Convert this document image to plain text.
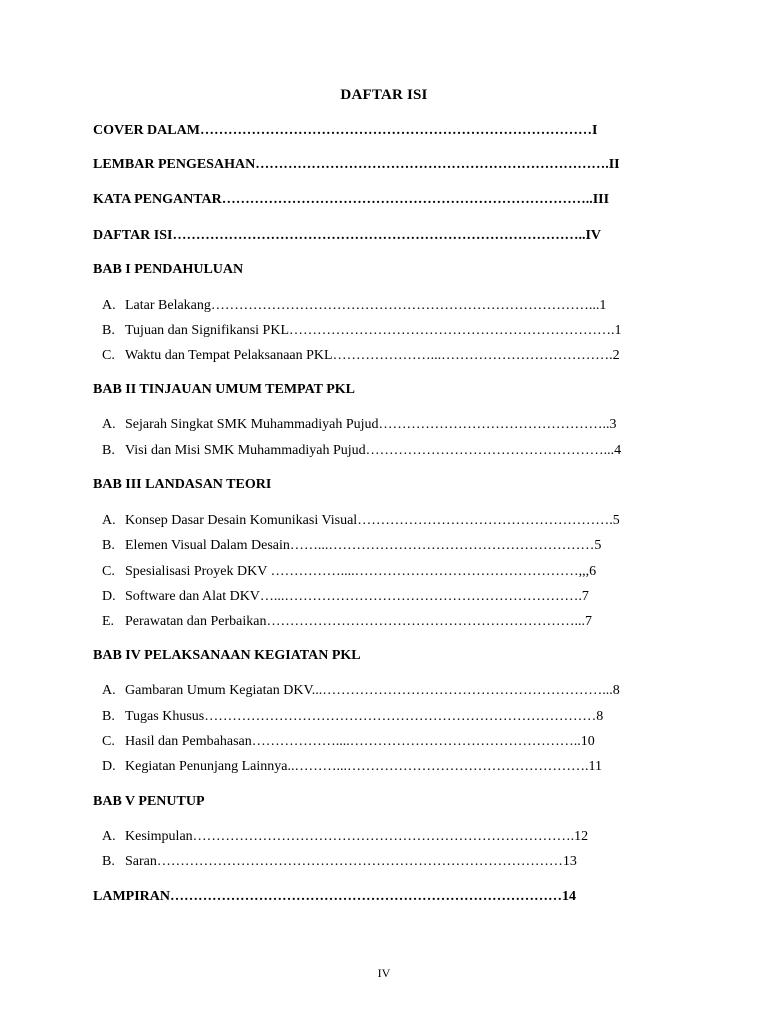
DAFTAR ISI
COVER DALAM…………………………………………………………………………I
LEMBAR PENGESAHAN………………………………………………………………….II
KATA PENGANTAR……………………………………………………………………..III
DAFTAR ISI……………………………………………………………………………..IV
BAB I PENDAHULUAN
A. Latar Belakang………………………………………………………………………...1
B. Tujuan dan Signifikansi PKL…………………………………………………………….1
C. Waktu dan Tempat Pelaksanaan PKL…………………...……………………………….2
BAB II TINJAUAN UMUM TEMPAT PKL
A. Sejarah Singkat SMK Muhammadiyah Pujud…………………………………………..3
B. Visi dan Misi SMK Muhammadiyah Pujud……………………………………………...4
BAB III LANDASAN TEORI
A. Konsep Dasar Desain Komunikasi Visual……………………………………………….5
B. Elemen Visual Dalam Desain……...…………………………………………………5
C. Spesialisasi Proyek DKV ……………....…………………………………………,,,6
D. Software dan Alat DKV…...……………………………………………………….7
E. Perawatan dan Perbaikan…………………………………………………………...7
BAB IV PELAKSANAAN KEGIATAN PKL
A. Gambaran Umum Kegiatan DKV...……………………………………………………...8
B. Tugas Khusus…………………………………………………………………………8
C. Hasil dan Pembahasan………………....…………………………………………..10
D. Kegiatan Penunjang Lainnya..………...…………………………………………….11
BAB V PENUTUP
A. Kesimpulan……………………………………………………………………….12
B. Saran……………………………………………………………………………13
LAMPIRAN…………………………………………………………………………14
IV
